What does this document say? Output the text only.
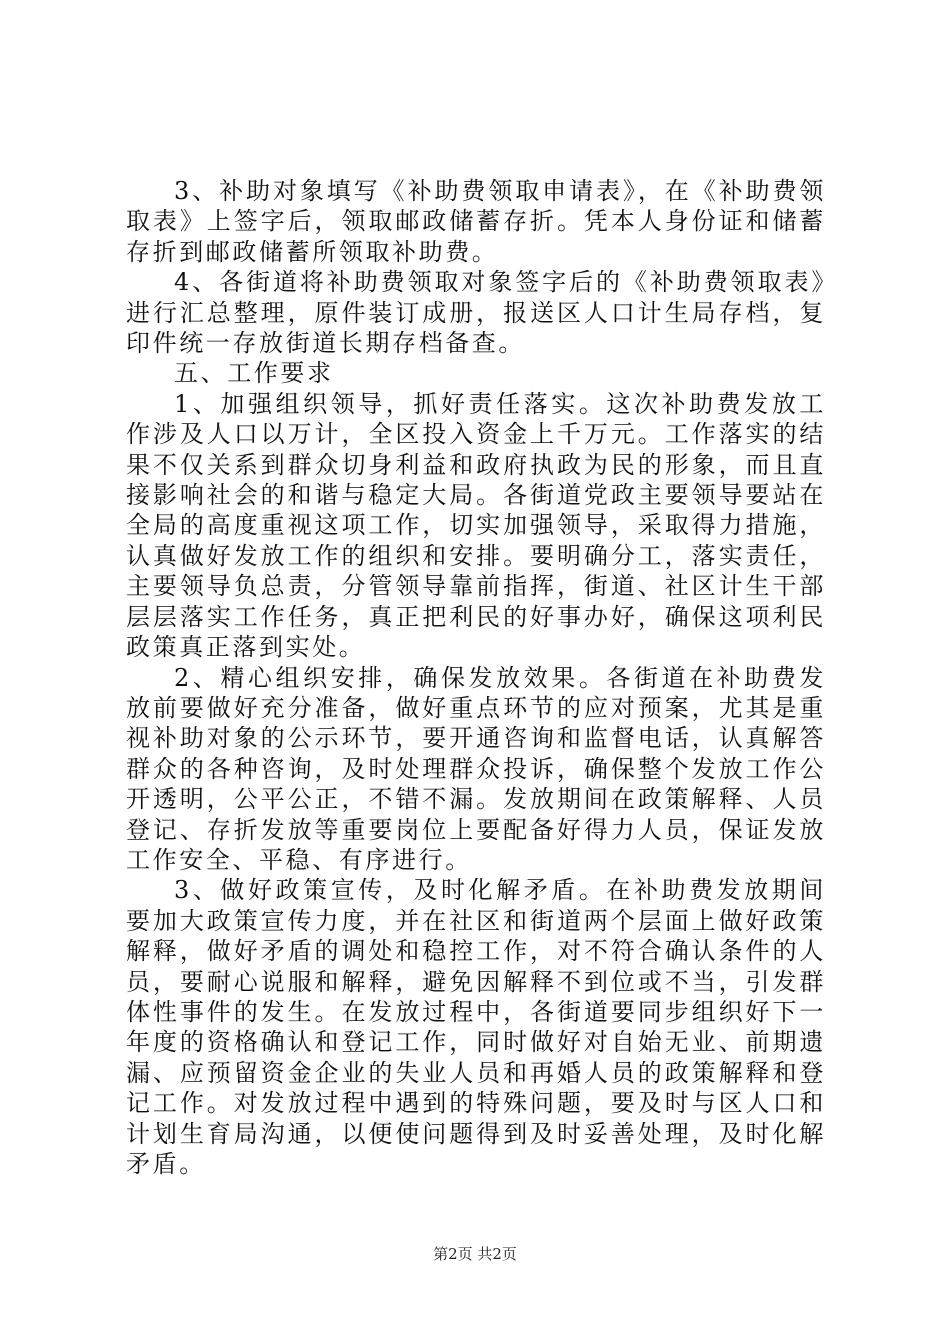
3、补助对象填写《补助费领取申请表》，在《补助费领取表》上签字后，领取邮政储蓄存折。凭本人身份证和储蓄存折到邮政储蓄所领取补助费。

4、各街道将补助费领取对象签字后的《补助费领取表》进行汇总整理，原件装订成册，报送区人口计生局存档，复印件统一存放街道长期存档备查。

五、工作要求

1、加强组织领导，抓好责任落实。这次补助费发放工作涉及人口以万计，全区投入资金上千万元。工作落实的结果不仅关系到群众切身利益和政府执政为民的形象，而且直接影响社会的和谐与稳定大局。各街道党政主要领导要站在全局的高度重视这项工作，切实加强领导，采取得力措施，认真做好发放工作的组织和安排。要明确分工，落实责任，主要领导负总责，分管领导靠前指挥，街道、社区计生干部层层落实工作任务，真正把利民的好事办好，确保这项利民政策真正落到实处。

2、精心组织安排，确保发放效果。各街道在补助费发放前要做好充分准备，做好重点环节的应对预案，尤其是重视补助对象的公示环节，要开通咨询和监督电话，认真解答群众的各种咨询，及时处理群众投诉，确保整个发放工作公开透明，公平公正，不错不漏。发放期间在政策解释、人员登记、存折发放等重要岗位上要配备好得力人员，保证发放工作安全、平稳、有序进行。

3、做好政策宣传，及时化解矛盾。在补助费发放期间要加大政策宣传力度，并在社区和街道两个层面上做好政策解释，做好矛盾的调处和稳控工作，对不符合确认条件的人员，要耐心说服和解释，避免因解释不到位或不当，引发群体性事件的发生。在发放过程中，各街道要同步组织好下一年度的资格确认和登记工作，同时做好对自始无业、前期遗漏、应预留资金企业的失业人员和再婚人员的政策解释和登记工作。对发放过程中遇到的特殊问题，要及时与区人口和计划生育局沟通，以便使问题得到及时妥善处理，及时化解矛盾。

第2页 共2页
